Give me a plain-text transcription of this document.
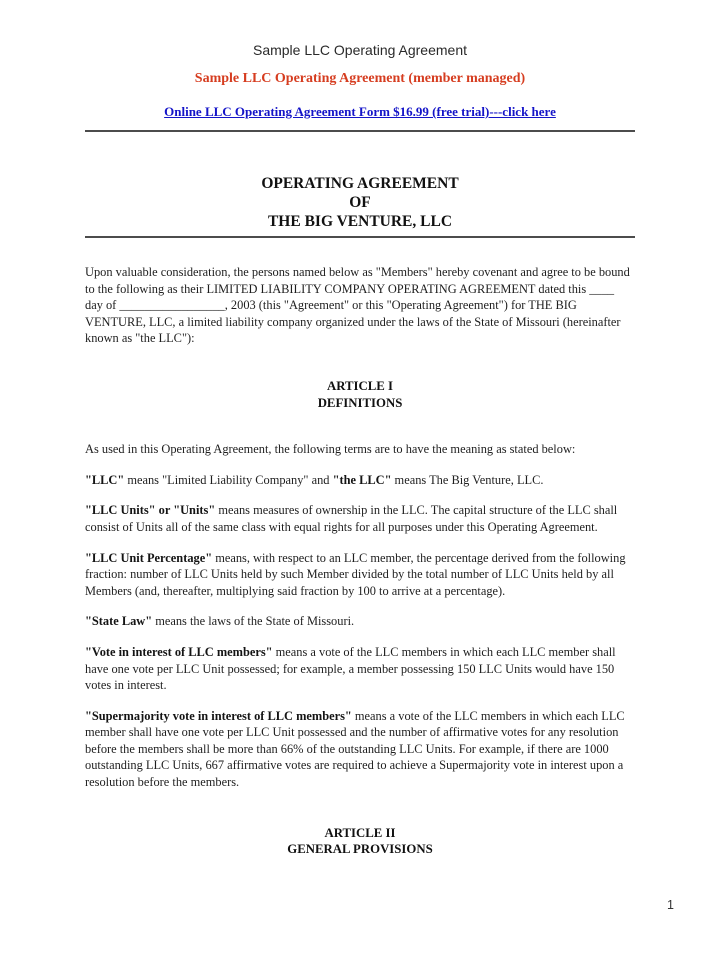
Sample LLC Operating Agreement
Sample LLC Operating Agreement (member managed)
Online LLC Operating Agreement Form $16.99 (free trial)---click here
OPERATING AGREEMENT
OF
THE BIG VENTURE, LLC

Upon valuable consideration, the persons named below as "Members" hereby covenant and agree to be bound to the following as their LIMITED LIABILITY COMPANY OPERATING AGREEMENT dated this ____ day of _________________, 2003 (this "Agreement" or this "Operating Agreement") for THE BIG VENTURE, LLC, a limited liability company organized under the laws of the State of Missouri (hereinafter known as "the LLC"):

ARTICLE I
DEFINITIONS

As used in this Operating Agreement, the following terms are to have the meaning as stated below:

"LLC" means "Limited Liability Company" and "the LLC" means The Big Venture, LLC.

"LLC Units" or "Units" means measures of ownership in the LLC. The capital structure of the LLC shall consist of Units all of the same class with equal rights for all purposes under this Operating Agreement.

"LLC Unit Percentage" means, with respect to an LLC member, the percentage derived from the following fraction: number of LLC Units held by such Member divided by the total number of LLC Units held by all Members (and, thereafter, multiplying said fraction by 100 to arrive at a percentage).

"State Law" means the laws of the State of Missouri.

"Vote in interest of LLC members" means a vote of the LLC members in which each LLC member shall have one vote per LLC Unit possessed; for example, a member possessing 150 LLC Units would have 150 votes in interest.

"Supermajority vote in interest of LLC members" means a vote of the LLC members in which each LLC member shall have one vote per LLC Unit possessed and the number of affirmative votes for any resolution before the members shall be more than 66% of the outstanding LLC Units. For example, if there are 1000 outstanding LLC Units, 667 affirmative votes are required to achieve a Supermajority vote in interest upon a resolution before the members.

ARTICLE II
GENERAL PROVISIONS
1
